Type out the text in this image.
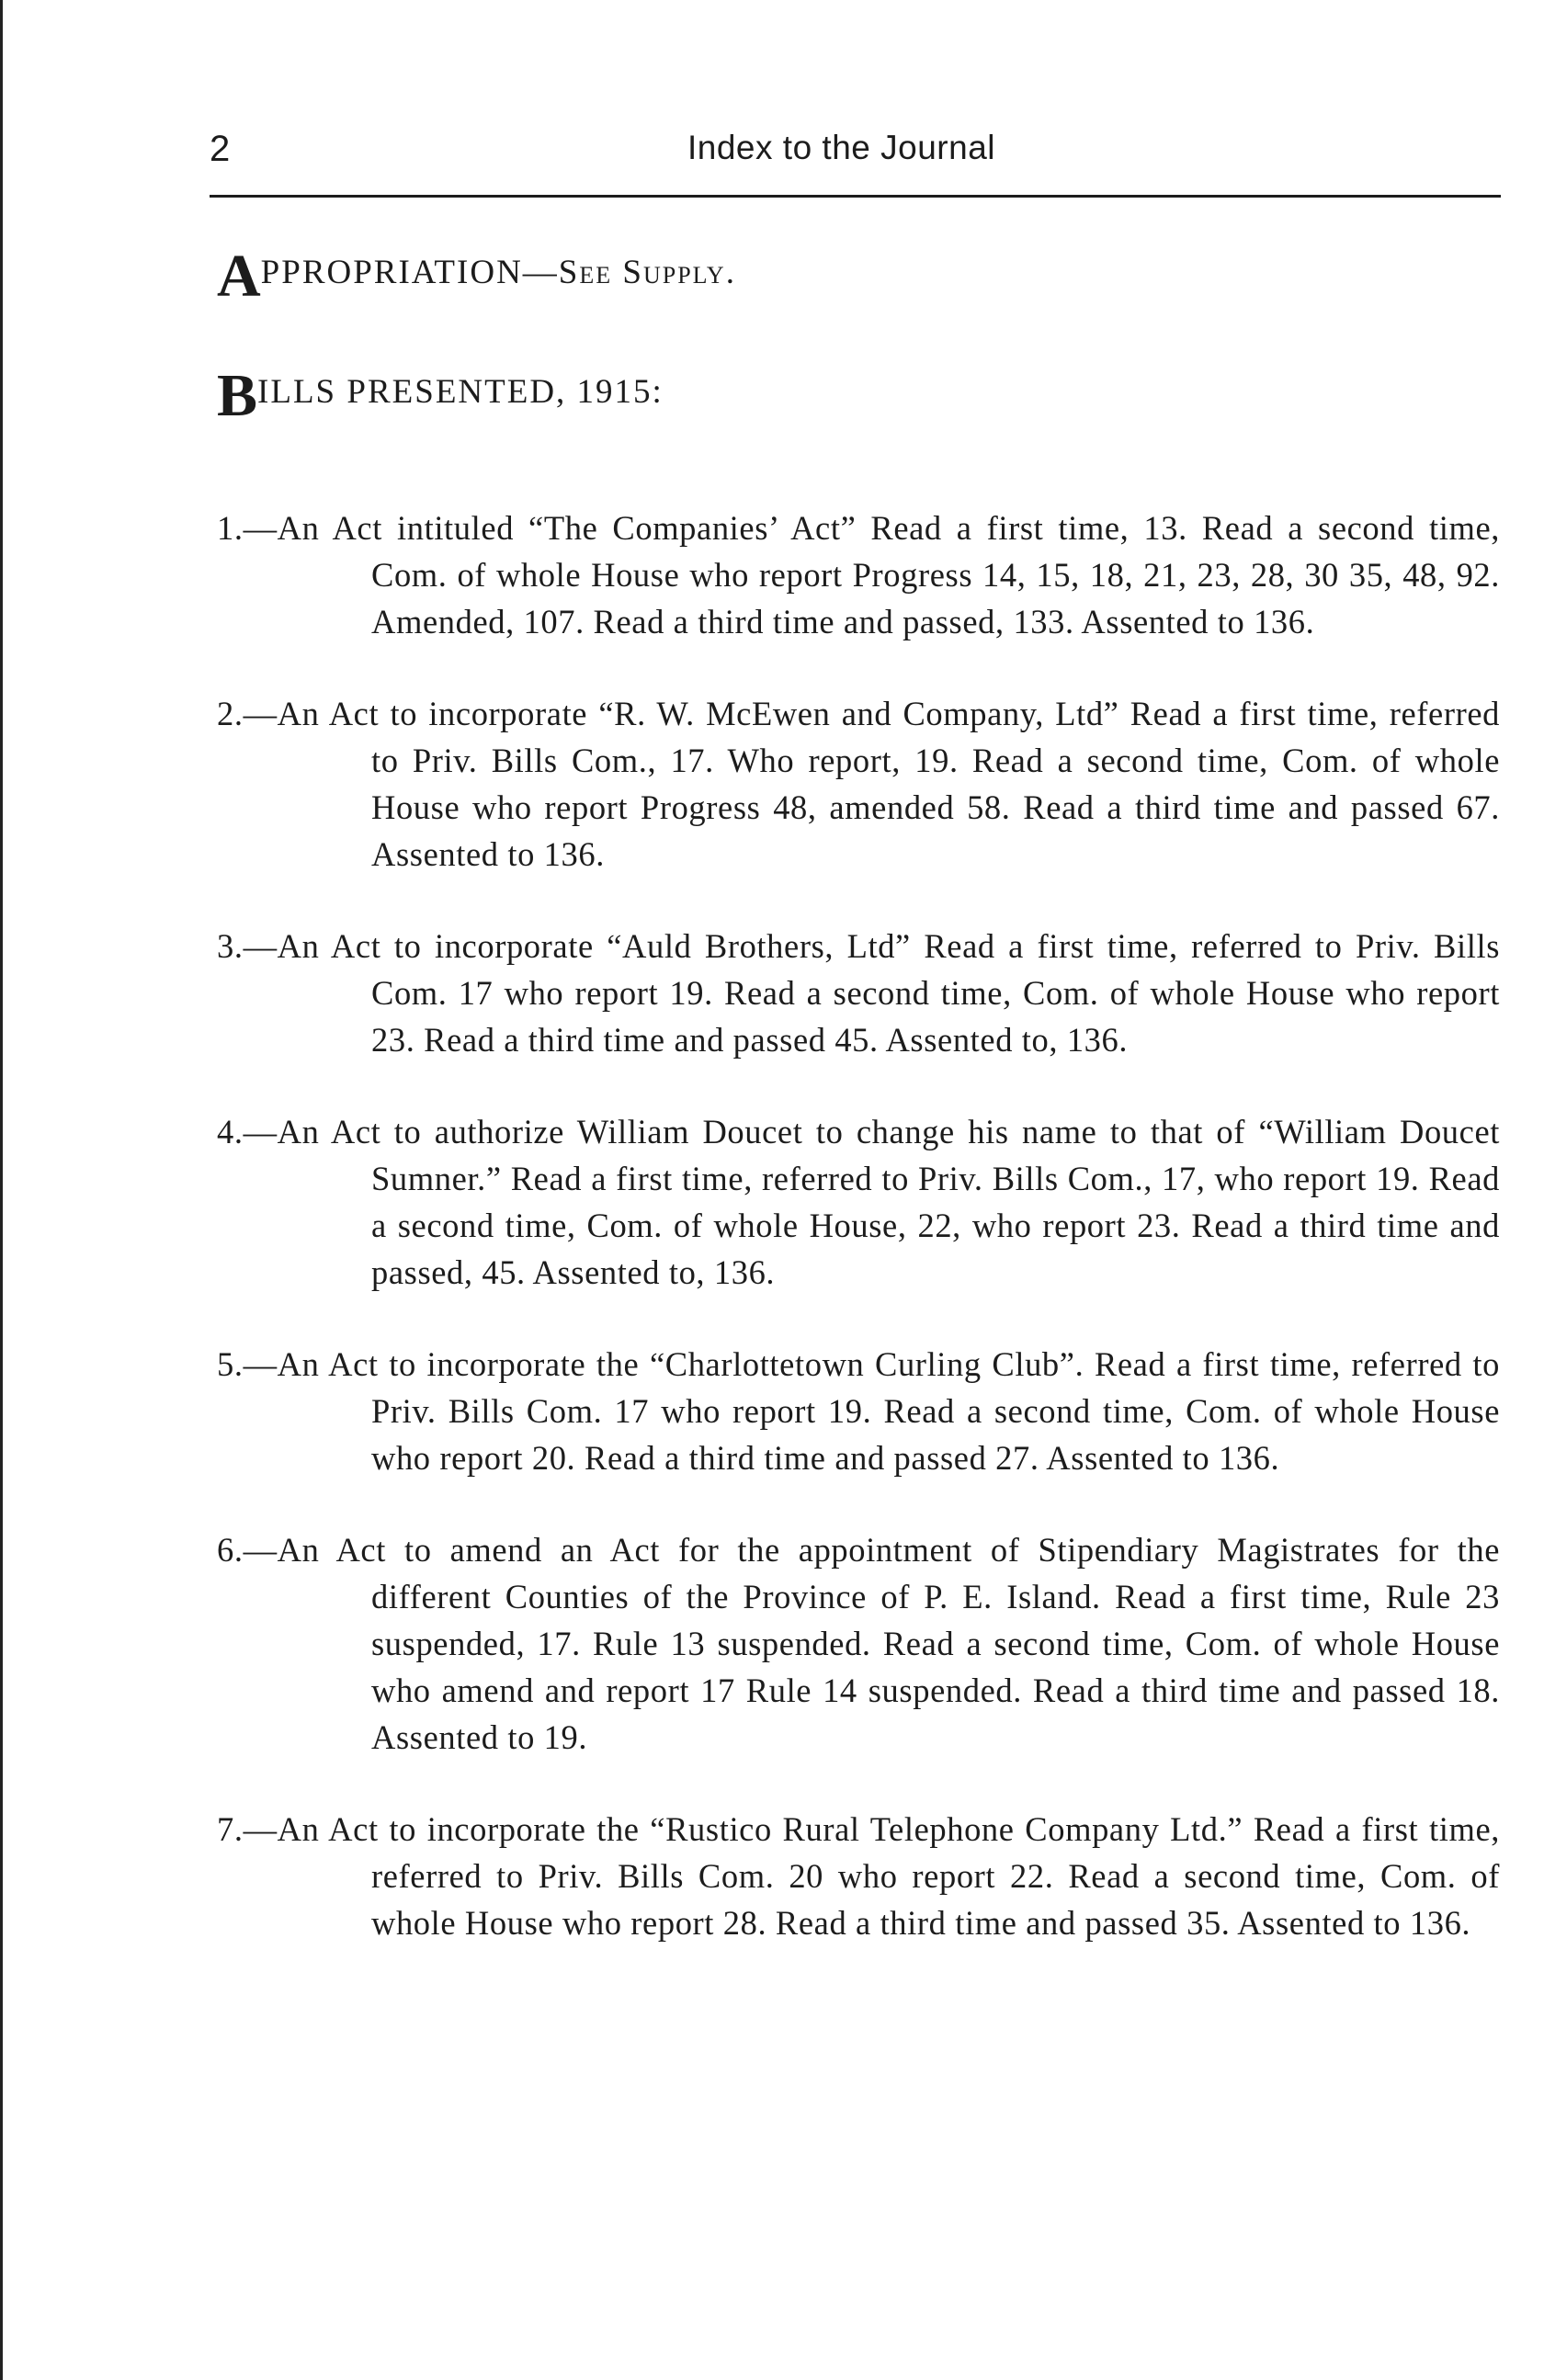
2	Index to the Journal
APPROPRIATION—See Supply.
BILLS PRESENTED, 1915:

1.—An Act intituled “The Companies’ Act” Read a first time, 13. Read a second time, Com. of whole House who report Progress 14, 15, 18, 21, 23, 28, 30 35, 48, 92. Amended, 107. Read a third time and passed, 133. Assented to 136.

2.—An Act to incorporate “R. W. McEwen and Company, Ltd” Read a first time, referred to Priv. Bills Com., 17. Who report, 19. Read a second time, Com. of whole House who report Progress 48, amended 58. Read a third time and passed 67. Assented to 136.

3.—An Act to incorporate “Auld Brothers, Ltd” Read a first time, referred to Priv. Bills Com. 17 who report 19. Read a second time, Com. of whole House who report 23. Read a third time and passed 45. Assented to, 136.

4.—An Act to authorize William Doucet to change his name to that of “William Doucet Sumner.” Read a first time, referred to Priv. Bills Com., 17, who report 19. Read a second time, Com. of whole House, 22, who report 23. Read a third time and passed, 45. Assented to, 136.

5.—An Act to incorporate the “Charlottetown Curling Club”. Read a first time, referred to Priv. Bills Com. 17 who report 19. Read a second time, Com. of whole House who report 20. Read a third time and passed 27. Assented to 136.

6.—An Act to amend an Act for the appointment of Stipendiary Magistrates for the different Counties of the Province of P. E. Island. Read a first time, Rule 23 suspended, 17. Rule 13 suspended. Read a second time, Com. of whole House who amend and report 17 Rule 14 suspended. Read a third time and passed 18. Assented to 19.

7.—An Act to incorporate the “Rustico Rural Telephone Company Ltd.” Read a first time, referred to Priv. Bills Com. 20 who report 22. Read a second time, Com. of whole House who report 28. Read a third time and passed 35. Assented to 136.
